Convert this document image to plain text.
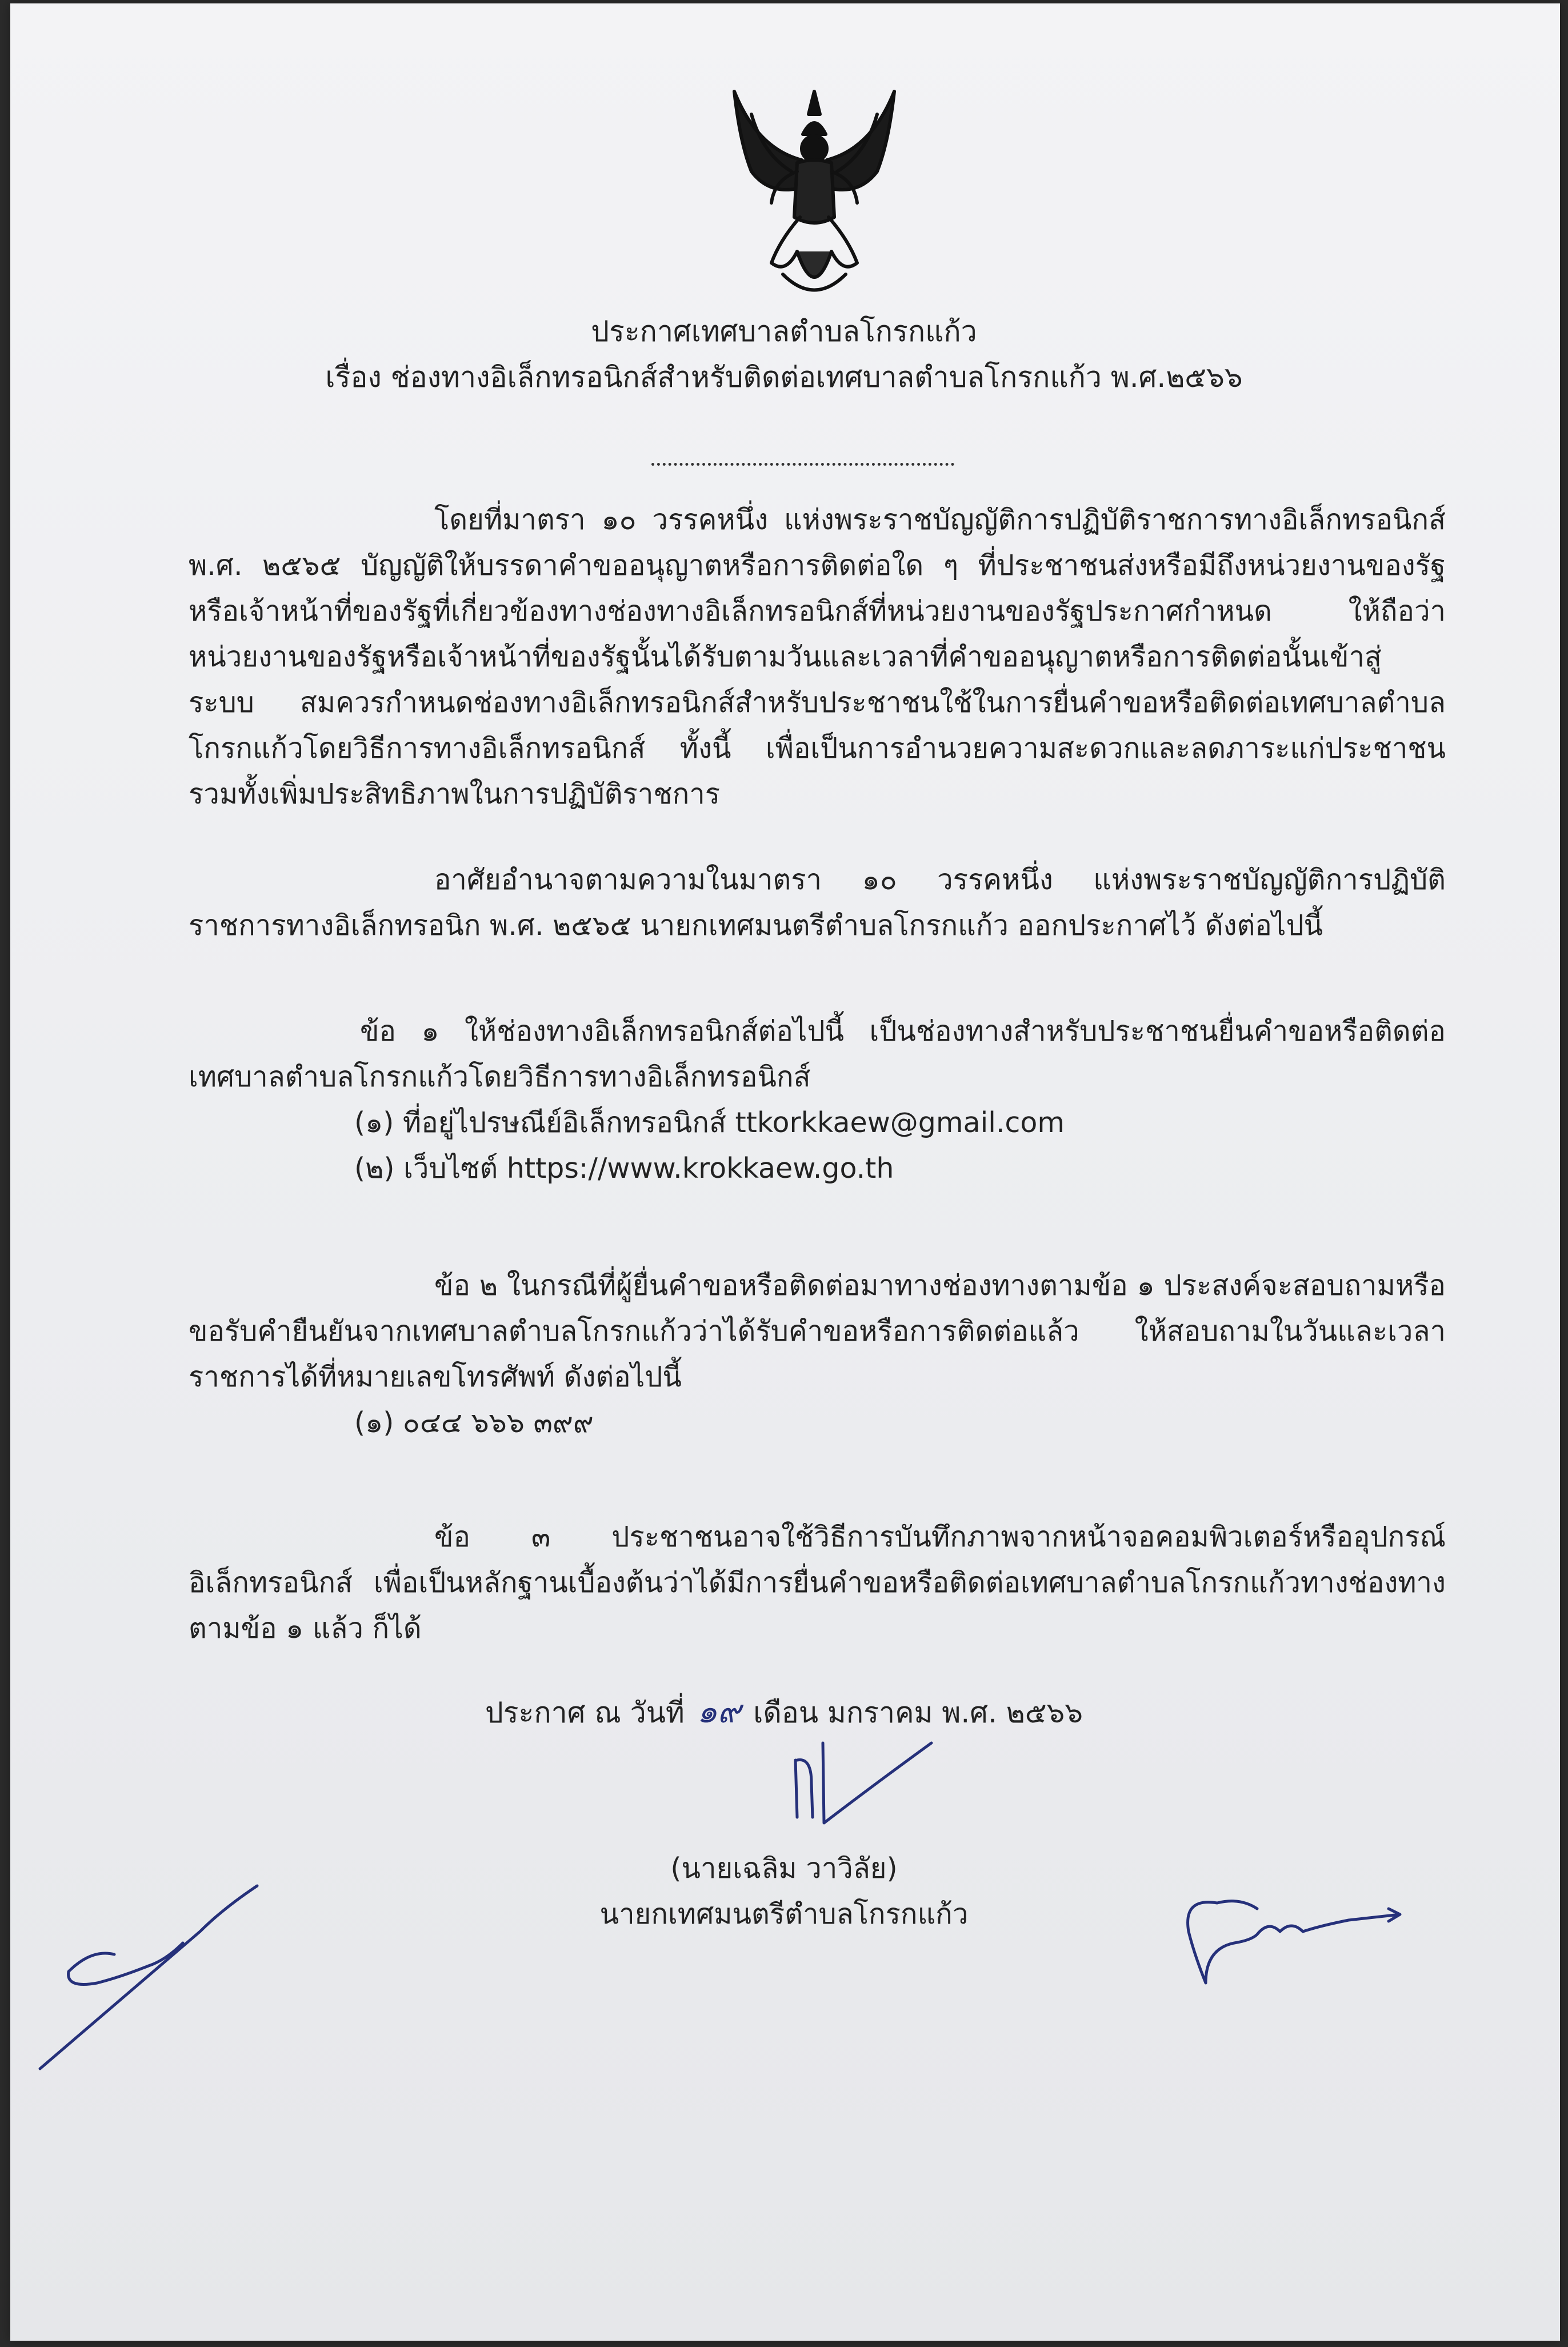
ประกาศเทศบาลตำบลโกรกแก้ว
เรื่อง ช่องทางอิเล็กทรอนิกส์สำหรับติดต่อเทศบาลตำบลโกรกแก้ว พ.ศ.๒๕๖๖

โดยที่มาตรา ๑๐ วรรคหนึ่ง แห่งพระราชบัญญัติการปฏิบัติราชการทางอิเล็กทรอนิกส์ พ.ศ. ๒๕๖๕ บัญญัติให้บรรดาคำขออนุญาตหรือการติดต่อใด ๆ ที่ประชาชนส่งหรือมีถึงหน่วยงานของรัฐ หรือเจ้าหน้าที่ของรัฐที่เกี่ยวข้องทางช่องทางอิเล็กทรอนิกส์ที่หน่วยงานของรัฐประกาศกำหนด ให้ถือว่าหน่วยงานของรัฐหรือเจ้าหน้าที่ของรัฐนั้นได้รับตามวันและเวลาที่คำขออนุญาตหรือการติดต่อนั้นเข้าสู่ระบบ สมควรกำหนดช่องทางอิเล็กทรอนิกส์สำหรับประชาชนใช้ในการยื่นคำขอหรือติดต่อเทศบาลตำบลโกรกแก้วโดยวิธีการทางอิเล็กทรอนิกส์ ทั้งนี้ เพื่อเป็นการอำนวยความสะดวกและลดภาระแก่ประชาชน รวมทั้งเพิ่มประสิทธิภาพในการปฏิบัติราชการ

อาศัยอำนาจตามความในมาตรา ๑๐ วรรคหนึ่ง แห่งพระราชบัญญัติการปฏิบัติราชการทางอิเล็กทรอนิก พ.ศ. ๒๕๖๕ นายกเทศมนตรีตำบลโกรกแก้ว ออกประกาศไว้ ดังต่อไปนี้

ข้อ ๑ ให้ช่องทางอิเล็กทรอนิกส์ต่อไปนี้ เป็นช่องทางสำหรับประชาชนยื่นคำขอหรือติดต่อเทศบาลตำบลโกรกแก้วโดยวิธีการทางอิเล็กทรอนิกส์

(๑) ที่อยู่ไปรษณีย์อิเล็กทรอนิกส์ ttkorkkaew@gmail.com

(๒) เว็บไซต์ https://www.krokkaew.go.th

ข้อ ๒ ในกรณีที่ผู้ยื่นคำขอหรือติดต่อมาทางช่องทางตามข้อ ๑ ประสงค์จะสอบถามหรือขอรับคำยืนยันจากเทศบาลตำบลโกรกแก้วว่าได้รับคำขอหรือการติดต่อแล้ว ให้สอบถามในวันและเวลาราชการได้ที่หมายเลขโทรศัพท์ ดังต่อไปนี้

(๑) ๐๔๔ ๖๖๖ ๓๙๙

ข้อ ๓ ประชาชนอาจใช้วิธีการบันทึกภาพจากหน้าจอคอมพิวเตอร์หรืออุปกรณ์อิเล็กทรอนิกส์ เพื่อเป็นหลักฐานเบื้องต้นว่าได้มีการยื่นคำขอหรือติดต่อเทศบาลตำบลโกรกแก้วทางช่องทาง ตามข้อ ๑ แล้ว ก็ได้

ประกาศ ณ วันที่ ๑๙ เดือน มกราคม พ.ศ. ๒๕๖๖
(นายเฉลิม วาวิลัย)
นายกเทศมนตรีตำบลโกรกแก้ว
